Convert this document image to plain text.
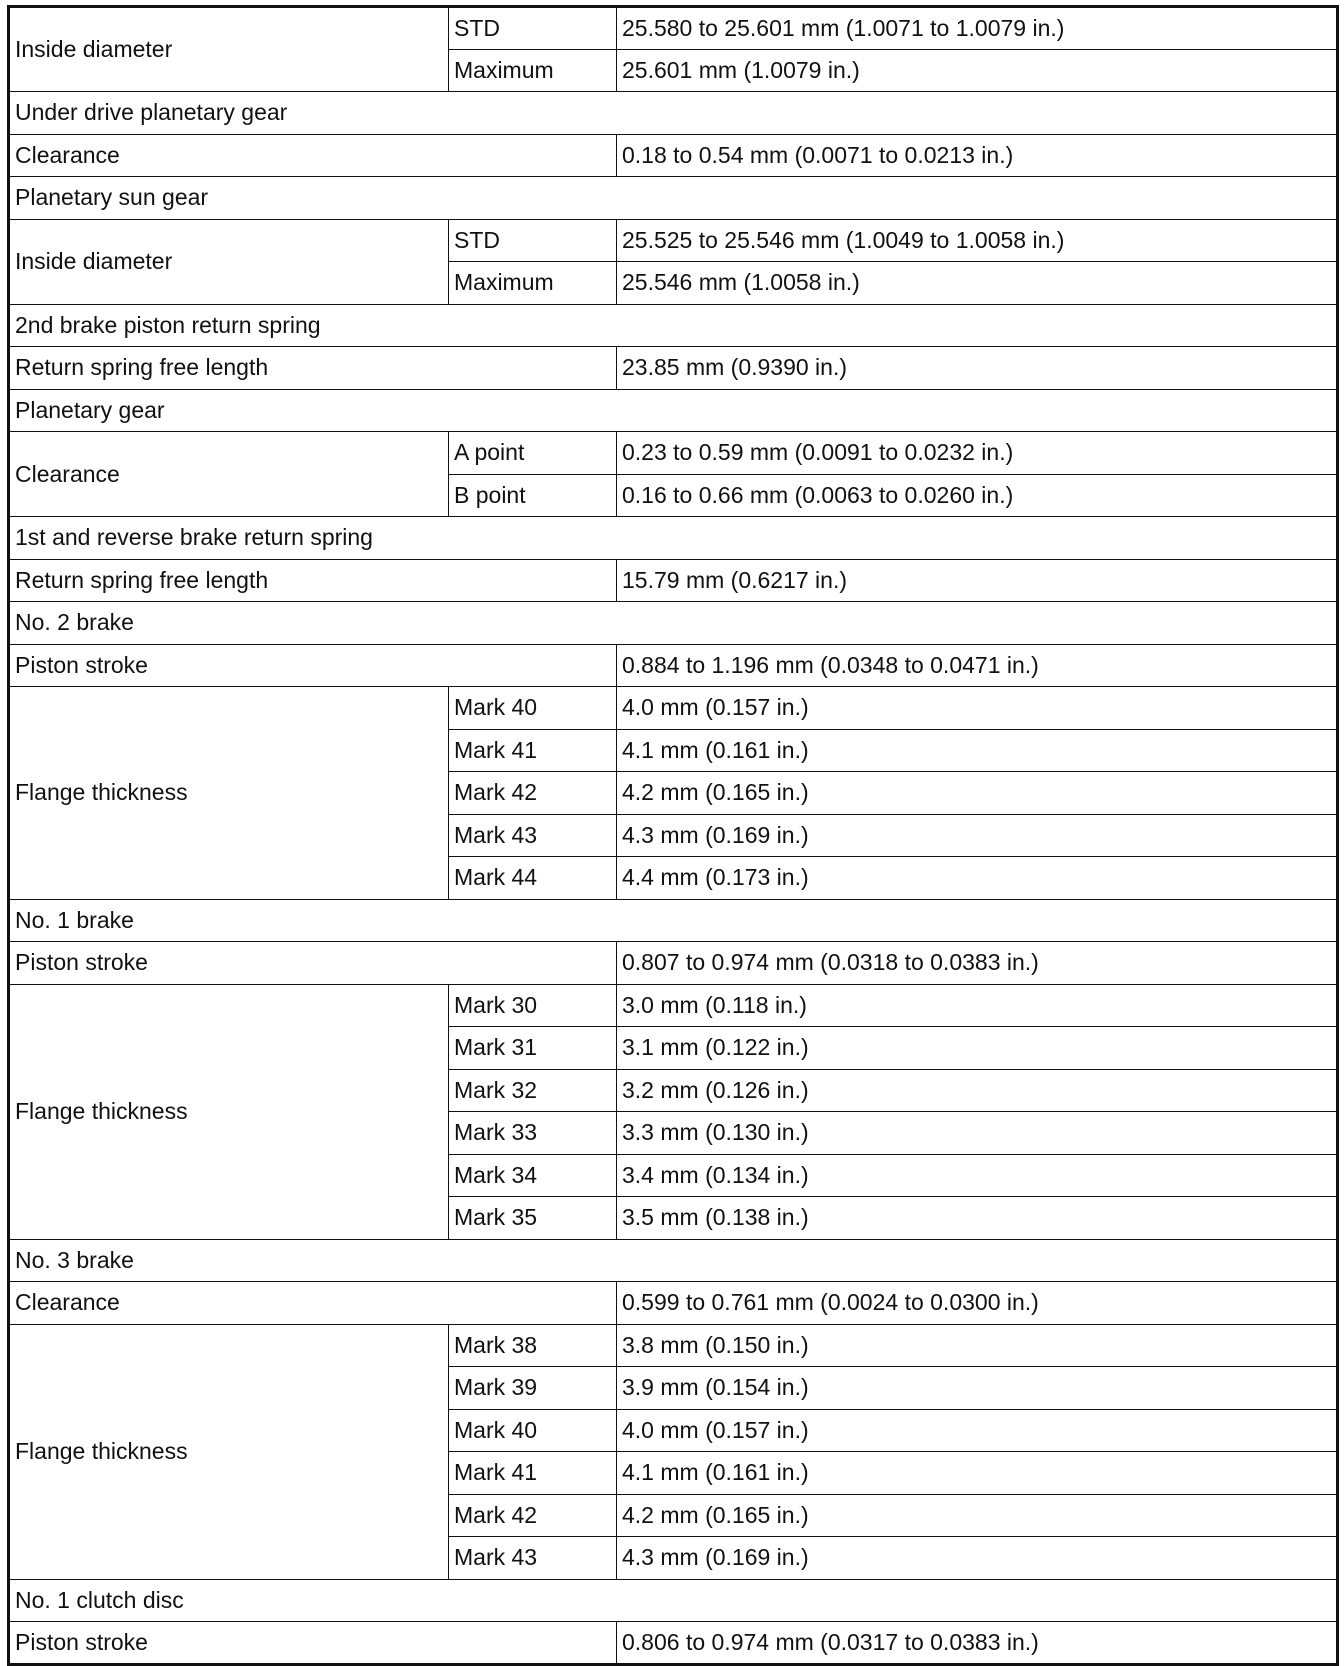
Inside diameter	STD	25.580 to 25.601 mm (1.0071 to 1.0079 in.)
	Maximum	25.601 mm (1.0079 in.)
Under drive planetary gear		
Clearance		0.18 to 0.54 mm (0.0071 to 0.0213 in.)
Planetary sun gear		
Inside diameter	STD	25.525 to 25.546 mm (1.0049 to 1.0058 in.)
	Maximum	25.546 mm (1.0058 in.)
2nd brake piston return spring		
Return spring free length		23.85 mm (0.9390 in.)
Planetary gear		
Clearance	A point	0.23 to 0.59 mm (0.0091 to 0.0232 in.)
	B point	0.16 to 0.66 mm (0.0063 to 0.0260 in.)
1st and reverse brake return spring		
Return spring free length		15.79 mm (0.6217 in.)
No. 2 brake		
Piston stroke		0.884 to 1.196 mm (0.0348 to 0.0471 in.)
Flange thickness	Mark 40	4.0 mm (0.157 in.)
	Mark 41	4.1 mm (0.161 in.)
	Mark 42	4.2 mm (0.165 in.)
	Mark 43	4.3 mm (0.169 in.)
	Mark 44	4.4 mm (0.173 in.)
No. 1 brake		
Piston stroke		0.807 to 0.974 mm (0.0318 to 0.0383 in.)
Flange thickness	Mark 30	3.0 mm (0.118 in.)
	Mark 31	3.1 mm (0.122 in.)
	Mark 32	3.2 mm (0.126 in.)
	Mark 33	3.3 mm (0.130 in.)
	Mark 34	3.4 mm (0.134 in.)
	Mark 35	3.5 mm (0.138 in.)
No. 3 brake		
Clearance		0.599 to 0.761 mm (0.0024 to 0.0300 in.)
Flange thickness	Mark 38	3.8 mm (0.150 in.)
	Mark 39	3.9 mm (0.154 in.)
	Mark 40	4.0 mm (0.157 in.)
	Mark 41	4.1 mm (0.161 in.)
	Mark 42	4.2 mm (0.165 in.)
	Mark 43	4.3 mm (0.169 in.)
No. 1 clutch disc		
Piston stroke		0.806 to 0.974 mm (0.0317 to 0.0383 in.)
